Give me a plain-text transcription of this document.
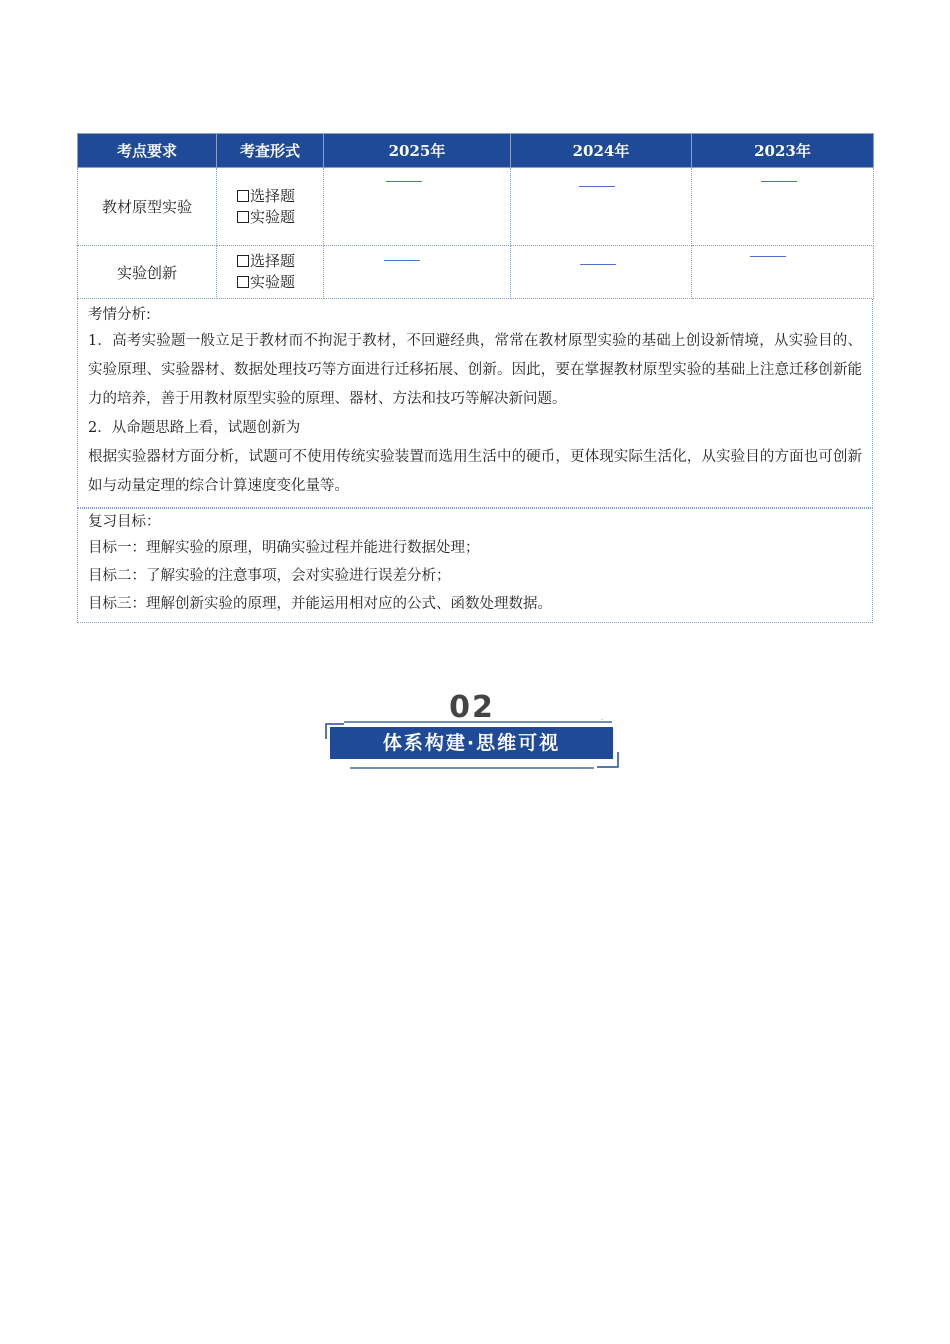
考点要求	考查形式	2025年	2024年	2023年
教材原型实验	选择题
实验题			

实验创新	选择题
实验题			

考情分析:

1．高考实验题一般立足于教材而不拘泥于教材，不回避经典，常常在教材原型实验的基础上创设新情境，从实验目的、实验原理、实验器材、数据处理技巧等方面进行迁移拓展、创新。因此，要在掌握教材原型实验的基础上注意迁移创新能力的培养，善于用教材原型实验的原理、器材、方法和技巧等解决新问题。

2．从命题思路上看，试题创新为

根据实验器材方面分析，试题可不使用传统实验装置而选用生活中的硬币，更体现实际生活化，从实验目的方面也可创新如与动量定理的综合计算速度变化量等。

复习目标：
目标一：理解实验的原理，明确实验过程并能进行数据处理；
目标二：了解实验的注意事项，会对实验进行误差分析；
目标三：理解创新实验的原理，并能运用相对应的公式、函数处理数据。
02
体系构建·思维可视
